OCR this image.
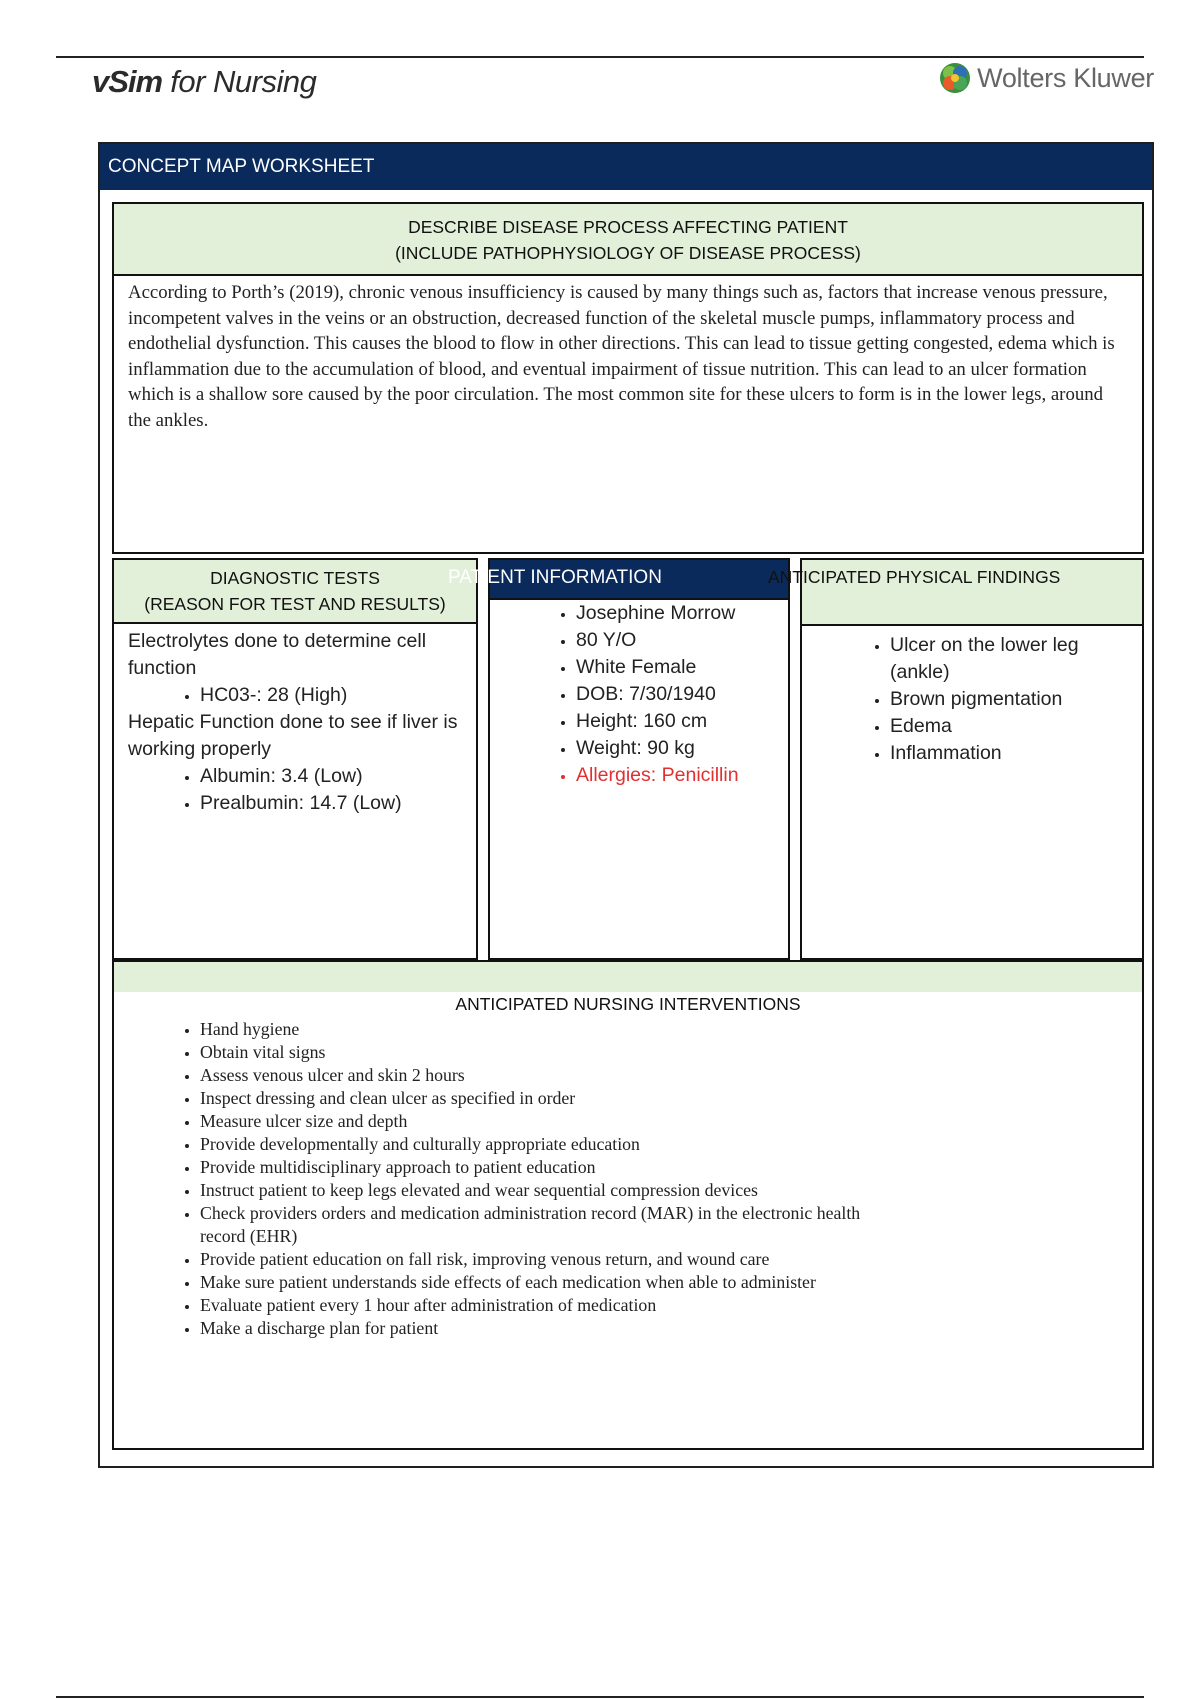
vSim for Nursing	Wolters Kluwer
CONCEPT MAP WORKSHEET
DESCRIBE DISEASE PROCESS AFFECTING PATIENT
(INCLUDE PATHOPHYSIOLOGY OF DISEASE PROCESS)

According to Porth’s (2019), chronic venous insufficiency is caused by many things such as, factors that increase venous pressure, incompetent valves in the veins or an obstruction, decreased function of the skeletal muscle pumps, inflammatory process and endothelial dysfunction. This causes the blood to flow in other directions. This can lead to tissue getting congested, edema which is inflammation due to the accumulation of blood, and eventual impairment of tissue nutrition. This can lead to an ulcer formation which is a shallow sore caused by the poor circulation. The most common site for these ulcers to form is in the lower legs, around the ankles.

DIAGNOSTIC TESTS
(REASON FOR TEST AND RESULTS)
Electrolytes done to determine cell function
• HC03-: 28 (High)
Hepatic Function done to see if liver is working properly
• Albumin: 3.4 (Low)
• Prealbumin: 14.7 (Low)
PATIENT INFORMATION
• Josephine Morrow
• 80 Y/O
• White Female
• DOB: 7/30/1940
• Height: 160 cm
• Weight: 90 kg
• Allergies: Penicillin
ANTICIPATED PHYSICAL FINDINGS
• Ulcer on the lower leg (ankle)
• Brown pigmentation
• Edema
• Inflammation
ANTICIPATED NURSING INTERVENTIONS
• Hand hygiene
• Obtain vital signs
• Assess venous ulcer and skin 2 hours
• Inspect dressing and clean ulcer as specified in order
• Measure ulcer size and depth
• Provide developmentally and culturally appropriate education
• Provide multidisciplinary approach to patient education
• Instruct patient to keep legs elevated and wear sequential compression devices
• Check providers orders and medication administration record (MAR) in the electronic health record (EHR)
• Provide patient education on fall risk, improving venous return, and wound care
• Make sure patient understands side effects of each medication when able to administer
• Evaluate patient every 1 hour after administration of medication
• Make a discharge plan for patient
